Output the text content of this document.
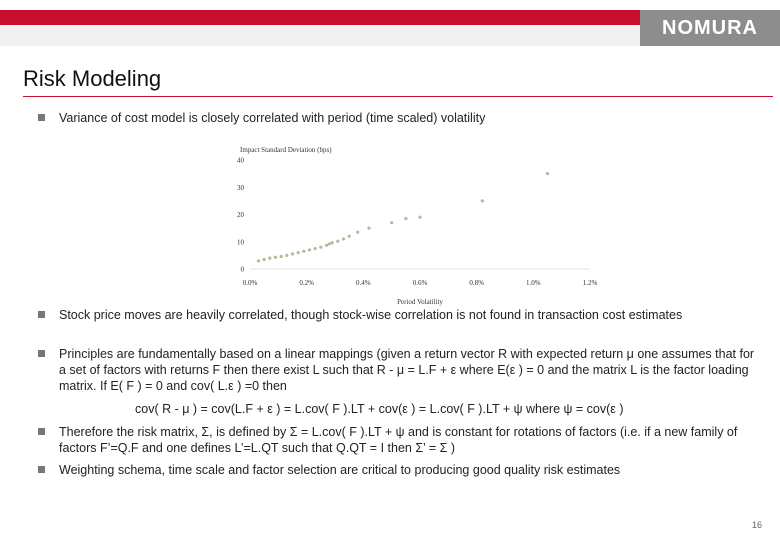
NOMURA
Risk Modeling
Variance of cost model is closely correlated with period (time scaled) volatility
Impact Standard Deviation (bps)
0
10
20
30
40
0.0%	0.2%	0.4%	0.6%	0.8%	1.0%	1.2%
Period Volatility
Stock price moves are heavily correlated, though stock-wise correlation is not found in transaction cost estimates
Principles are fundamentally based on a linear mappings (given a return vector R with expected return μ one assumes that for a set of factors with returns F then there exist L such that R - μ = L.F + ε where E(ε ) = 0 and the matrix L is the factor loading matrix. If E( F ) = 0 and cov( L.ε ) =0 then
cov( R - μ ) = cov(L.F + ε ) = L.cov( F ).LT + cov(ε ) = L.cov( F ).LT + ψ where ψ = cov(ε )
Therefore the risk matrix, Σ, is defined by Σ = L.cov( F ).LT + ψ and is constant for rotations of factors (i.e. if a new family of factors F’=Q.F and one defines L’=L.QT such that Q.QT = I then Σ’ = Σ )
Weighting schema, time scale and factor selection are critical to producing good quality risk estimates
16
